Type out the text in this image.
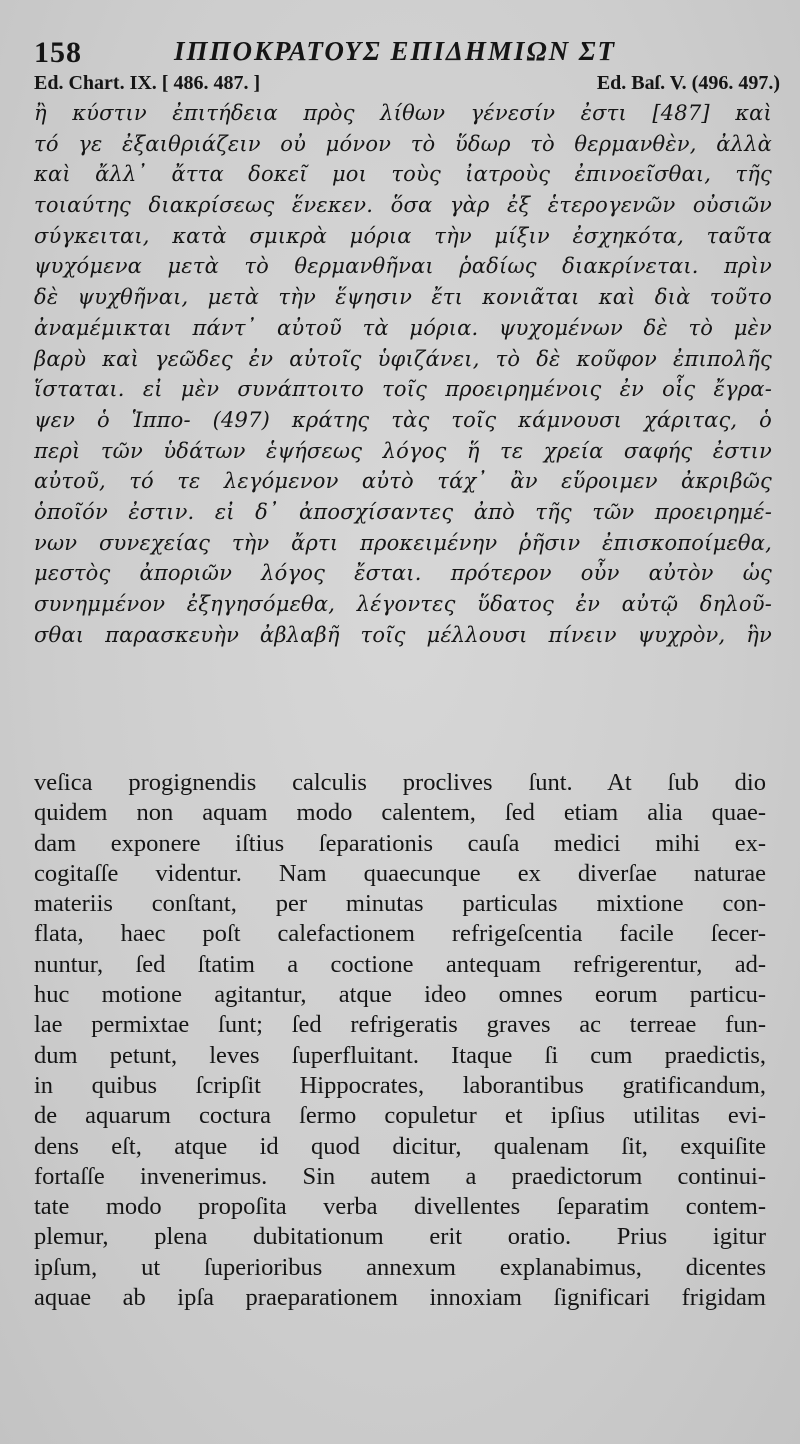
158	ΙΠΠΟΚΡΑΤΟΥΣ ΕΠΙΔΗΜΙΩΝ ΣΤ
Ed. Chart. IX. [ 486. 487. ]	Ed. Baſ. V. (496. 497.)
ἢ κύστιν ἐπιτήδεια πρὸς λίθων γένεσίν ἐστι [487] καὶ
τό γε ἐξαιθριάζειν οὐ μόνον τὸ ὕδωρ τὸ θερμανθὲν, ἀλλὰ
καὶ ἄλλ᾽ ἄττα δοκεῖ μοι τοὺς ἰατροὺς ἐπινοεῖσθαι, τῆς
τοιαύτης διακρίσεως ἕνεκεν. ὅσα γὰρ ἐξ ἑτερογενῶν οὐσιῶν
σύγκειται, κατὰ σμικρὰ μόρια τὴν μίξιν ἐσχηκότα, ταῦτα
ψυχόμενα μετὰ τὸ θερμανθῆναι ῥαδίως διακρίνεται. πρὶν
δὲ ψυχθῆναι, μετὰ τὴν ἕψησιν ἔτι κονιᾶται καὶ διὰ τοῦτο
ἀναμέμικται πάντ᾽ αὐτοῦ τὰ μόρια. ψυχομένων δὲ τὸ μὲν
βαρὺ καὶ γεῶδες ἐν αὐτοῖς ὑφιζάνει, τὸ δὲ κοῦφον ἐπιπολῆς
ἵσταται. εἰ μὲν συνάπτοιτο τοῖς προειρημένοις ἐν οἷς ἔγρα-
ψεν ὁ Ἱππο- (497) κράτης τὰς τοῖς κάμνουσι χάριτας, ὁ
περὶ τῶν ὑδάτων ἑψήσεως λόγος ἥ τε χρεία σαφής ἐστιν
αὐτοῦ, τό τε λεγόμενον αὐτὸ τάχ᾽ ἂν εὕροιμεν ἀκριβῶς
ὁποῖόν ἐστιν. εἰ δ᾽ ἀποσχίσαντες ἀπὸ τῆς τῶν προειρημέ-
νων συνεχείας τὴν ἄρτι προκειμένην ῥῆσιν ἐπισκοποίμεθα,
μεστὸς ἀποριῶν λόγος ἔσται. πρότερον οὖν αὐτὸν ὡς
συνημμένον ἐξηγησόμεθα, λέγοντες ὕδατος ἐν αὐτῷ δηλοῦ-
σθαι παρασκευὴν ἀβλαβῆ τοῖς μέλλουσι πίνειν ψυχρὸν, ἣν
veſica progignendis calculis proclives ſunt. At ſub dio
quidem non aquam modo calentem, ſed etiam alia quae-
dam exponere iſtius ſeparationis cauſa medici mihi ex-
cogitaſſe videntur. Nam quaecunque ex diverſae naturae
materiis conſtant, per minutas particulas mixtione con-
flata, haec poſt calefactionem refrigeſcentia facile ſecer-
nuntur, ſed ſtatim a coctione antequam refrigerentur, ad-
huc motione agitantur, atque ideo omnes eorum particu-
lae permixtae ſunt; ſed refrigeratis graves ac terreae fun-
dum petunt, leves ſuperfluitant. Itaque ſi cum praedictis,
in quibus ſcripſit Hippocrates, laborantibus gratificandum,
de aquarum coctura ſermo copuletur et ipſius utilitas evi-
dens eſt, atque id quod dicitur, qualenam ſit, exquiſite
fortaſſe invenerimus. Sin autem a praedictorum continui-
tate modo propoſita verba divellentes ſeparatim contem-
plemur, plena dubitationum erit oratio. Prius igitur
ipſum, ut ſuperioribus annexum explanabimus, dicentes
aquae ab ipſa praeparationem innoxiam ſignificari frigidam
